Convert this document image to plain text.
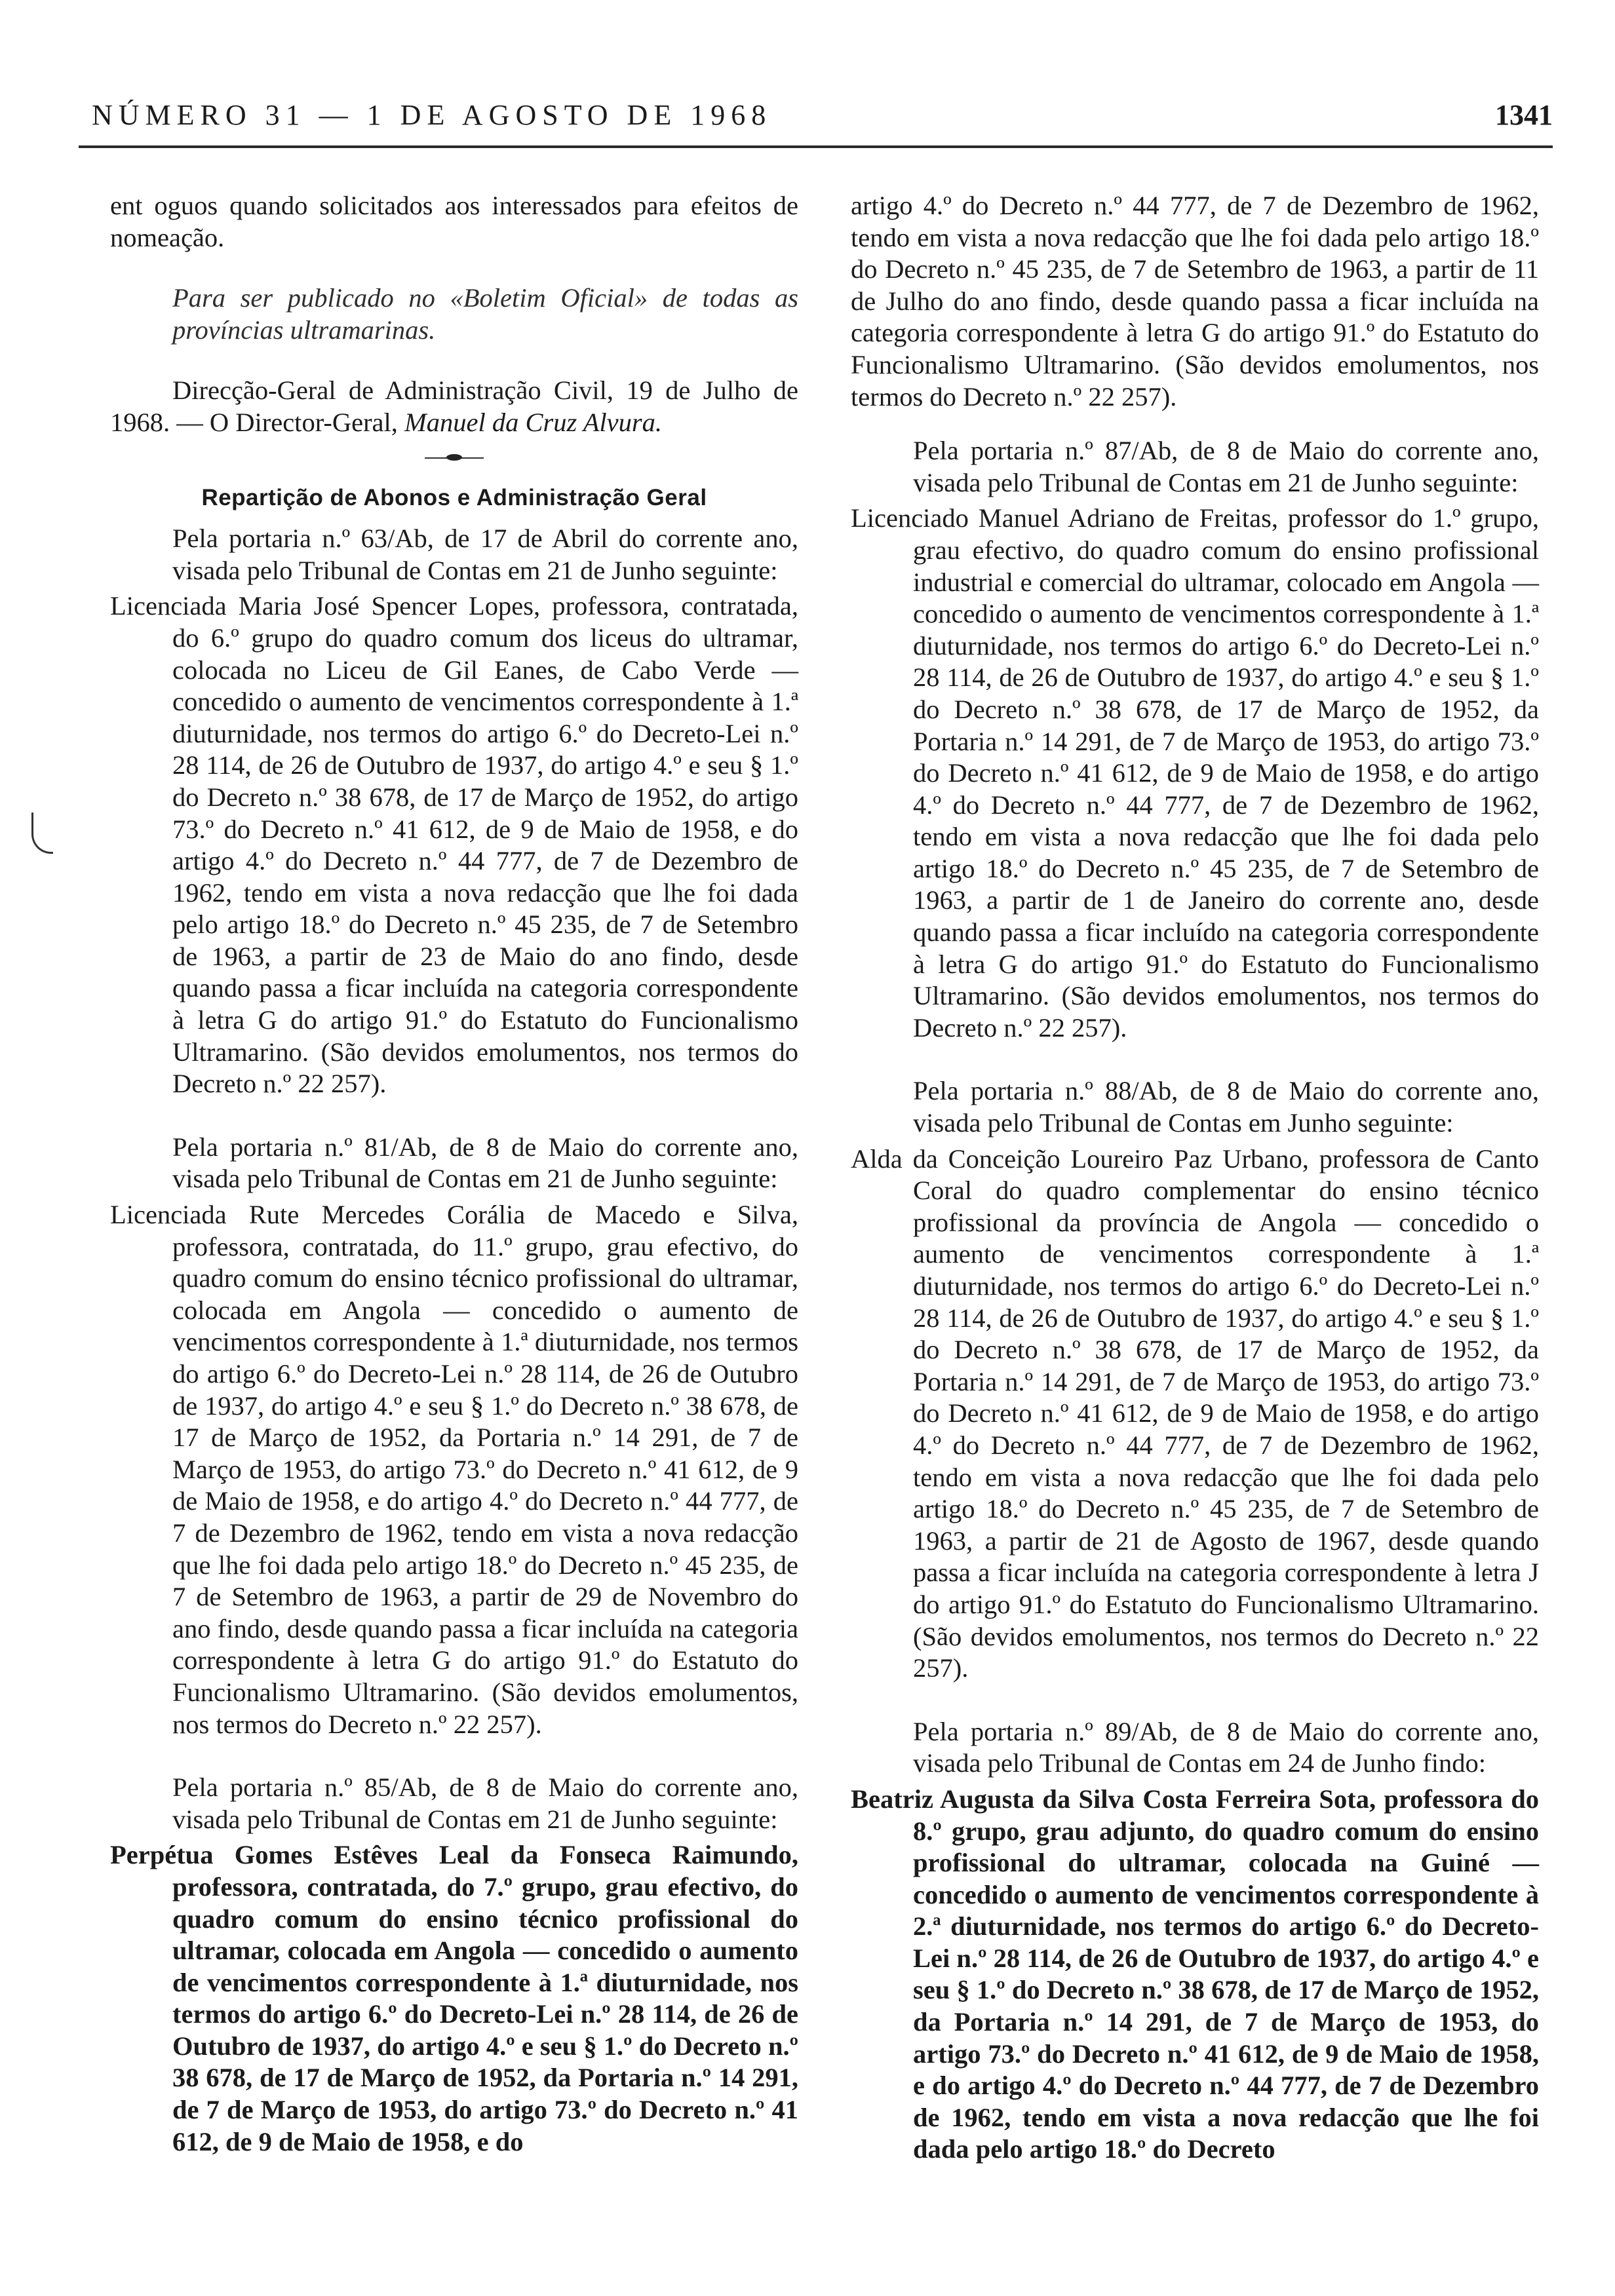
NÚMERO 31 — 1 DE AGOSTO DE 1968	1341

ent oguos quando solicitados aos interessados para efeitos de nomeação.

Para ser publicado no «Boletim Oficial» de todas as províncias ultramarinas.

Direcção-Geral de Administração Civil, 19 de Julho de 1968. — O Director-Geral, Manuel da Cruz Alvura.

Repartição de Abonos e Administração Geral

Pela portaria n.º 63/Ab, de 17 de Abril do corrente ano, visada pelo Tribunal de Contas em 21 de Junho seguinte:

Licenciada Maria José Spencer Lopes, professora, contratada, do 6.º grupo do quadro comum dos liceus do ultramar, colocada no Liceu de Gil Eanes, de Cabo Verde — concedido o aumento de vencimentos correspondente à 1.ª diuturnidade, nos termos do artigo 6.º do Decreto-Lei n.º 28 114, de 26 de Outubro de 1937, do artigo 4.º e seu § 1.º do Decreto n.º 38 678, de 17 de Março de 1952, do artigo 73.º do Decreto n.º 41 612, de 9 de Maio de 1958, e do artigo 4.º do Decreto n.º 44 777, de 7 de Dezembro de 1962, tendo em vista a nova redacção que lhe foi dada pelo artigo 18.º do Decreto n.º 45 235, de 7 de Setembro de 1963, a partir de 23 de Maio do ano findo, desde quando passa a ficar incluída na categoria correspondente à letra G do artigo 91.º do Estatuto do Funcionalismo Ultramarino. (São devidos emolumentos, nos termos do Decreto n.º 22 257).

Pela portaria n.º 81/Ab, de 8 de Maio do corrente ano, visada pelo Tribunal de Contas em 21 de Junho seguinte:

Licenciada Rute Mercedes Corália de Macedo e Silva, professora, contratada, do 11.º grupo, grau efectivo, do quadro comum do ensino técnico profissional do ultramar, colocada em Angola — concedido o aumento de vencimentos correspondente à 1.ª diuturnidade, nos termos do artigo 6.º do Decreto-Lei n.º 28 114, de 26 de Outubro de 1937, do artigo 4.º e seu § 1.º do Decreto n.º 38 678, de 17 de Março de 1952, da Portaria n.º 14 291, de 7 de Março de 1953, do artigo 73.º do Decreto n.º 41 612, de 9 de Maio de 1958, e do artigo 4.º do Decreto n.º 44 777, de 7 de Dezembro de 1962, tendo em vista a nova redacção que lhe foi dada pelo artigo 18.º do Decreto n.º 45 235, de 7 de Setembro de 1963, a partir de 29 de Novembro do ano findo, desde quando passa a ficar incluída na categoria correspondente à letra G do artigo 91.º do Estatuto do Funcionalismo Ultramarino. (São devidos emolumentos, nos termos do Decreto n.º 22 257).

Pela portaria n.º 85/Ab, de 8 de Maio do corrente ano, visada pelo Tribunal de Contas em 21 de Junho seguinte:

Perpétua Gomes Estêves Leal da Fonseca Raimundo, professora, contratada, do 7.º grupo, grau efectivo, do quadro comum do ensino técnico profissional do ultramar, colocada em Angola — concedido o aumento de vencimentos correspondente à 1.ª diuturnidade, nos termos do artigo 6.º do Decreto-Lei n.º 28 114, de 26 de Outubro de 1937, do artigo 4.º e seu § 1.º do Decreto n.º 38 678, de 17 de Março de 1952, da Portaria n.º 14 291, de 7 de Março de 1953, do artigo 73.º do Decreto n.º 41 612, de 9 de Maio de 1958, e do

artigo 4.º do Decreto n.º 44 777, de 7 de Dezembro de 1962, tendo em vista a nova redacção que lhe foi dada pelo artigo 18.º do Decreto n.º 45 235, de 7 de Setembro de 1963, a partir de 11 de Julho do ano findo, desde quando passa a ficar incluída na categoria correspondente à letra G do artigo 91.º do Estatuto do Funcionalismo Ultramarino. (São devidos emolumentos, nos termos do Decreto n.º 22 257).

Pela portaria n.º 87/Ab, de 8 de Maio do corrente ano, visada pelo Tribunal de Contas em 21 de Junho seguinte:

Licenciado Manuel Adriano de Freitas, professor do 1.º grupo, grau efectivo, do quadro comum do ensino profissional industrial e comercial do ultramar, colocado em Angola — concedido o aumento de vencimentos correspondente à 1.ª diuturnidade, nos termos do artigo 6.º do Decreto-Lei n.º 28 114, de 26 de Outubro de 1937, do artigo 4.º e seu § 1.º do Decreto n.º 38 678, de 17 de Março de 1952, da Portaria n.º 14 291, de 7 de Março de 1953, do artigo 73.º do Decreto n.º 41 612, de 9 de Maio de 1958, e do artigo 4.º do Decreto n.º 44 777, de 7 de Dezembro de 1962, tendo em vista a nova redacção que lhe foi dada pelo artigo 18.º do Decreto n.º 45 235, de 7 de Setembro de 1963, a partir de 1 de Janeiro do corrente ano, desde quando passa a ficar incluído na categoria correspondente à letra G do artigo 91.º do Estatuto do Funcionalismo Ultramarino. (São devidos emolumentos, nos termos do Decreto n.º 22 257).

Pela portaria n.º 88/Ab, de 8 de Maio do corrente ano, visada pelo Tribunal de Contas em Junho seguinte:

Alda da Conceição Loureiro Paz Urbano, professora de Canto Coral do quadro complementar do ensino técnico profissional da província de Angola — concedido o aumento de vencimentos correspondente à 1.ª diuturnidade, nos termos do artigo 6.º do Decreto-Lei n.º 28 114, de 26 de Outubro de 1937, do artigo 4.º e seu § 1.º do Decreto n.º 38 678, de 17 de Março de 1952, da Portaria n.º 14 291, de 7 de Março de 1953, do artigo 73.º do Decreto n.º 41 612, de 9 de Maio de 1958, e do artigo 4.º do Decreto n.º 44 777, de 7 de Dezembro de 1962, tendo em vista a nova redacção que lhe foi dada pelo artigo 18.º do Decreto n.º 45 235, de 7 de Setembro de 1963, a partir de 21 de Agosto de 1967, desde quando passa a ficar incluída na categoria correspondente à letra J do artigo 91.º do Estatuto do Funcionalismo Ultramarino. (São devidos emolumentos, nos termos do Decreto n.º 22 257).

Pela portaria n.º 89/Ab, de 8 de Maio do corrente ano, visada pelo Tribunal de Contas em 24 de Junho findo:

Beatriz Augusta da Silva Costa Ferreira Sota, professora do 8.º grupo, grau adjunto, do quadro comum do ensino profissional do ultramar, colocada na Guiné — concedido o aumento de vencimentos correspondente à 2.ª diuturnidade, nos termos do artigo 6.º do Decreto-Lei n.º 28 114, de 26 de Outubro de 1937, do artigo 4.º e seu § 1.º do Decreto n.º 38 678, de 17 de Março de 1952, da Portaria n.º 14 291, de 7 de Março de 1953, do artigo 73.º do Decreto n.º 41 612, de 9 de Maio de 1958, e do artigo 4.º do Decreto n.º 44 777, de 7 de Dezembro de 1962, tendo em vista a nova redacção que lhe foi dada pelo artigo 18.º do Decreto
